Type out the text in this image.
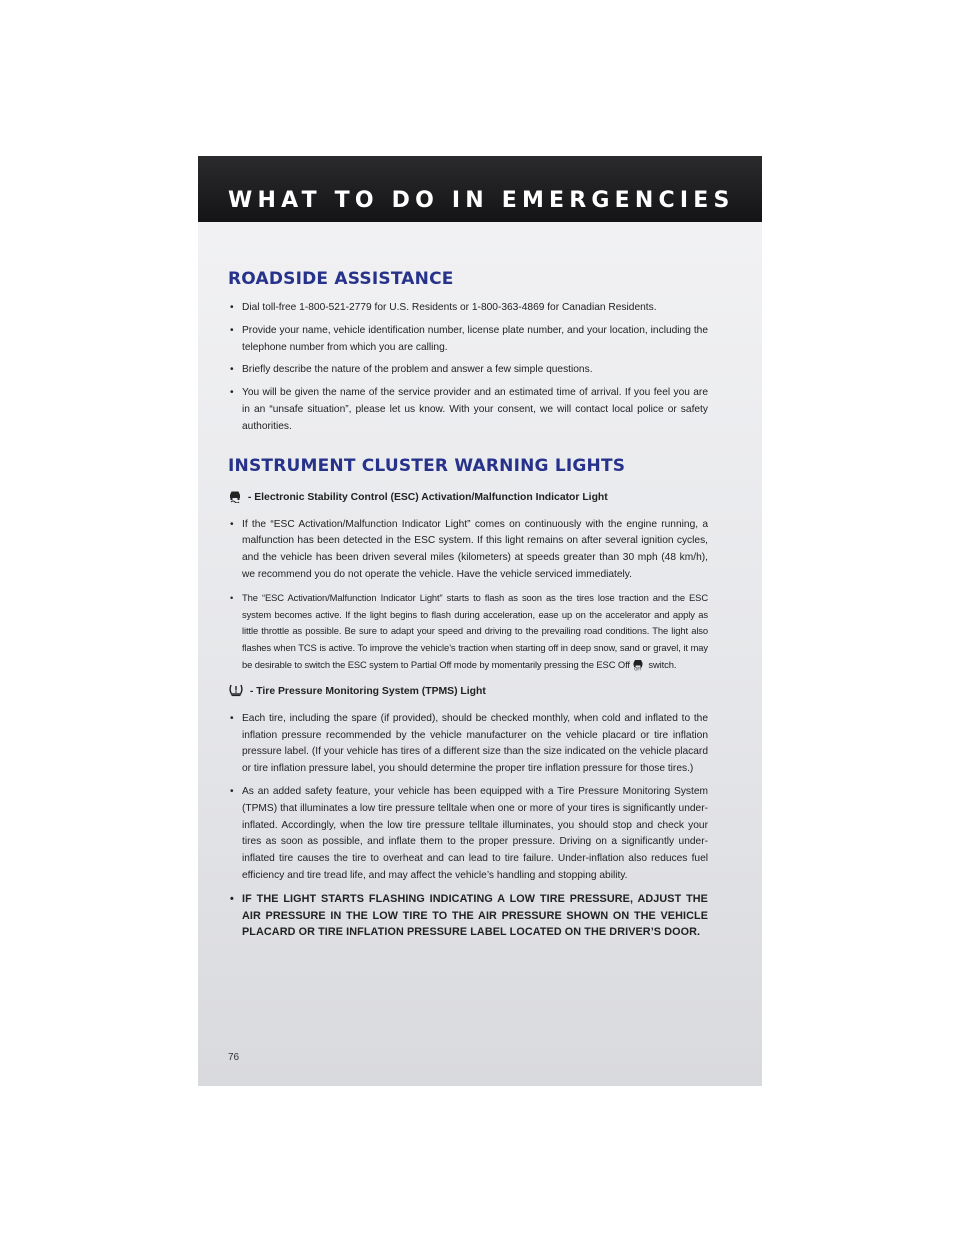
WHAT TO DO IN EMERGENCIES
ROADSIDE ASSISTANCE
• Dial toll-free 1-800-521-2779 for U.S. Residents or 1-800-363-4869 for Canadian Residents.
• Provide your name, vehicle identification number, license plate number, and your location, including the telephone number from which you are calling.
• Briefly describe the nature of the problem and answer a few simple questions.
• You will be given the name of the service provider and an estimated time of arrival. If you feel you are in an “unsafe situation”, please let us know. With your consent, we will contact local police or safety authorities.
INSTRUMENT CLUSTER WARNING LIGHTS
- Electronic Stability Control (ESC) Activation/Malfunction Indicator Light
• If the “ESC Activation/Malfunction Indicator Light” comes on continuously with the engine running, a malfunction has been detected in the ESC system. If this light remains on after several ignition cycles, and the vehicle has been driven several miles (kilometers) at speeds greater than 30 mph (48 km/h), we recommend you do not operate the vehicle. Have the vehicle serviced immediately.
• The “ESC Activation/Malfunction Indicator Light” starts to flash as soon as the tires lose traction and the ESC system becomes active. If the light begins to flash during acceleration, ease up on the accelerator and apply as little throttle as possible. Be sure to adapt your speed and driving to the prevailing road conditions. The light also flashes when TCS is active. To improve the vehicle’s traction when starting off in deep snow, sand or gravel, it may be desirable to switch the ESC system to Partial Off mode by momentarily pressing the ESC Off OFF switch.
- Tire Pressure Monitoring System (TPMS) Light
• Each tire, including the spare (if provided), should be checked monthly, when cold and inflated to the inflation pressure recommended by the vehicle manufacturer on the vehicle placard or tire inflation pressure label. (If your vehicle has tires of a different size than the size indicated on the vehicle placard or tire inflation pressure label, you should determine the proper tire inflation pressure for those tires.)
• As an added safety feature, your vehicle has been equipped with a Tire Pressure Monitoring System (TPMS) that illuminates a low tire pressure telltale when one or more of your tires is significantly under-inflated. Accordingly, when the low tire pressure telltale illuminates, you should stop and check your tires as soon as possible, and inflate them to the proper pressure. Driving on a significantly under-inflated tire causes the tire to overheat and can lead to tire failure. Under-inflation also reduces fuel efficiency and tire tread life, and may affect the vehicle’s handling and stopping ability.
• IF THE LIGHT STARTS FLASHING INDICATING A LOW TIRE PRESSURE, ADJUST THE AIR PRESSURE IN THE LOW TIRE TO THE AIR PRESSURE SHOWN ON THE VEHICLE PLACARD OR TIRE INFLATION PRESSURE LABEL LOCATED ON THE DRIVER’S DOOR.
76
